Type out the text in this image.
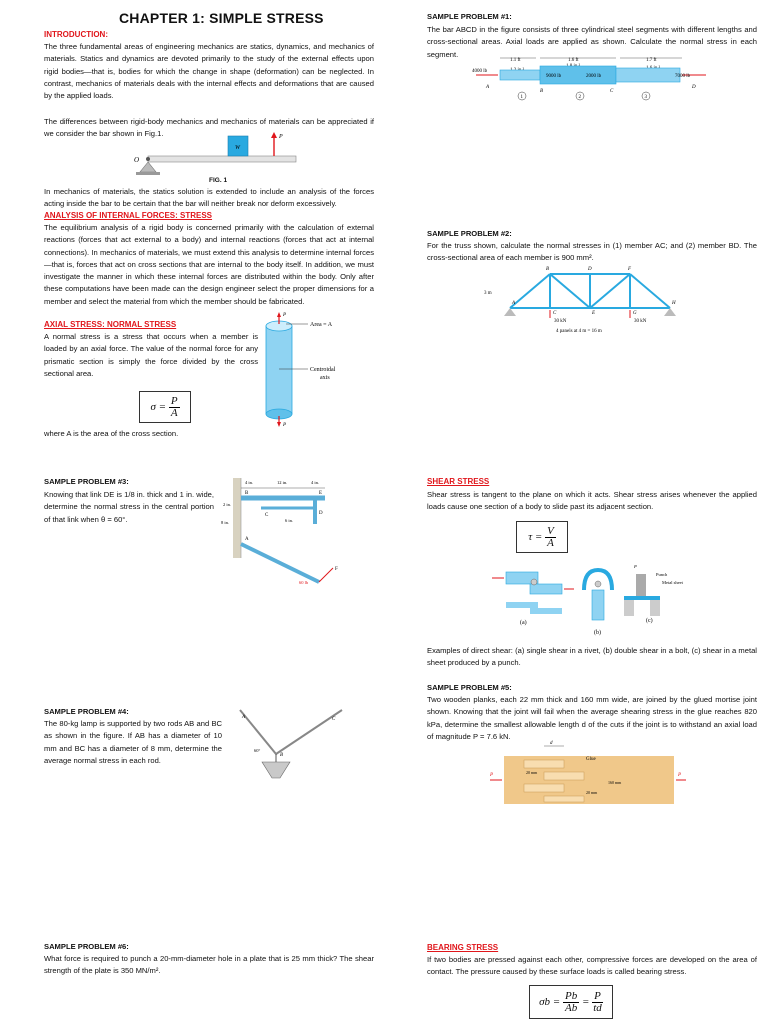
CHAPTER 1: SIMPLE STRESS
INTRODUCTION:
The three fundamental areas of engineering mechanics are statics, dynamics, and mechanics of materials. Statics and dynamics are devoted primarily to the study of the external effects upon rigid bodies—that is, bodies for which the change in shape (deformation) can be neglected. In contrast, mechanics of materials deals with the internal effects and deformations that are caused by the applied loads.
The differences between rigid-body mechanics and mechanics of materials can be appreciated if we consider the bar shown in Fig.1.
O
W
P
FIG. 1
In mechanics of materials, the statics solution is extended to include an analysis of the forces acting inside the bar to be certain that the bar will neither break nor deform excessively.
ANALYSIS OF INTERNAL FORCES: STRESS
The equilibrium analysis of a rigid body is concerned primarily with the calculation of external reactions (forces that act external to a body) and internal reactions (forces that act at internal connections). In mechanics of materials, we must extend this analysis to determine internal forces—that is, forces that act on cross sections that are internal to the body itself. In addition, we must investigate the manner in which these internal forces are distributed within the body. Only after these computations have been made can the design engineer select the proper dimensions for a member and select the material from which the member should be fabricated.
AXIAL STRESS: NORMAL STRESS
A normal stress is a stress that occurs when a member is loaded by an axial force. The value of the normal force for any prismatic section is simply the force divided by the cross sectional area.
P
P
Area = A
Centroidal
axis
$\sigma = \frac{P}{A}$
where A is the area of the cross section.
SAMPLE PROBLEM #3:
Knowing that link DE is 1/8 in. thick and 1 in. wide, determine the normal stress in the central portion of that link when θ = 60°.
4 in.	12 in.	4 in.
8 in.	6 in.
2 in.
60 lb
A
B
C	D
E
F
SAMPLE PROBLEM #4:
The 80-kg lamp is supported by two rods AB and BC as shown in the figure. If AB has a diameter of 10 mm and BC has a diameter of 8 mm, determine the average normal stress in each rod.
A	C
B
60°
SAMPLE PROBLEM #6:
What force is required to punch a 20-mm-diameter hole in a plate that is 25 mm thick? The shear strength of the plate is 350 MN/m².
SAMPLE PROBLEM #1:
The bar ABCD in the figure consists of three cylindrical steel segments with different lengths and cross-sectional areas. Axial loads are applied as shown. Calculate the normal stress in each segment.
1.1 ft	1.6 ft	1.7 ft
4000 lb
9000 lb	2000 lb	7000 lb
A
B	C
D
1	2	3
SAMPLE PROBLEM #2:
For the truss shown, calculate the normal stresses in (1) member AC; and (2) member BD. The cross-sectional area of each member is 900 mm².
3 m
30 kN	30 kN
4 panels at 4 m = 16 m
A
B
C
D
E
F
G
H
SHEAR STRESS
Shear stress is tangent to the plane on which it acts. Shear stress arises whenever the applied loads cause one section of a body to slide past its adjacent section.
$\tau = \frac{V}{A}$
(a)
(b)
Punch
Metal sheet
P
(c)
Examples of direct shear: (a) single shear in a rivet, (b) double shear in a bolt, (c) shear in a metal sheet produced by a punch.
SAMPLE PROBLEM #5:
Two wooden planks, each 22 mm thick and 160 mm wide, are joined by the glued mortise joint shown. Knowing that the joint will fail when the average shearing stress in the glue reaches 820 kPa, determine the smallest allowable length d of the cuts if the joint is to withstand an axial load of magnitude P = 7.6 kN.
d
Glue
20 mm
20 mm
160 mm
P	P
BEARING STRESS
If two bodies are pressed against each other, compressive forces are developed on the area of contact. The pressure caused by these surface loads is called bearing stress.
$\sigma b = \frac{Pb}{Ab} = \frac{P}{td}$
